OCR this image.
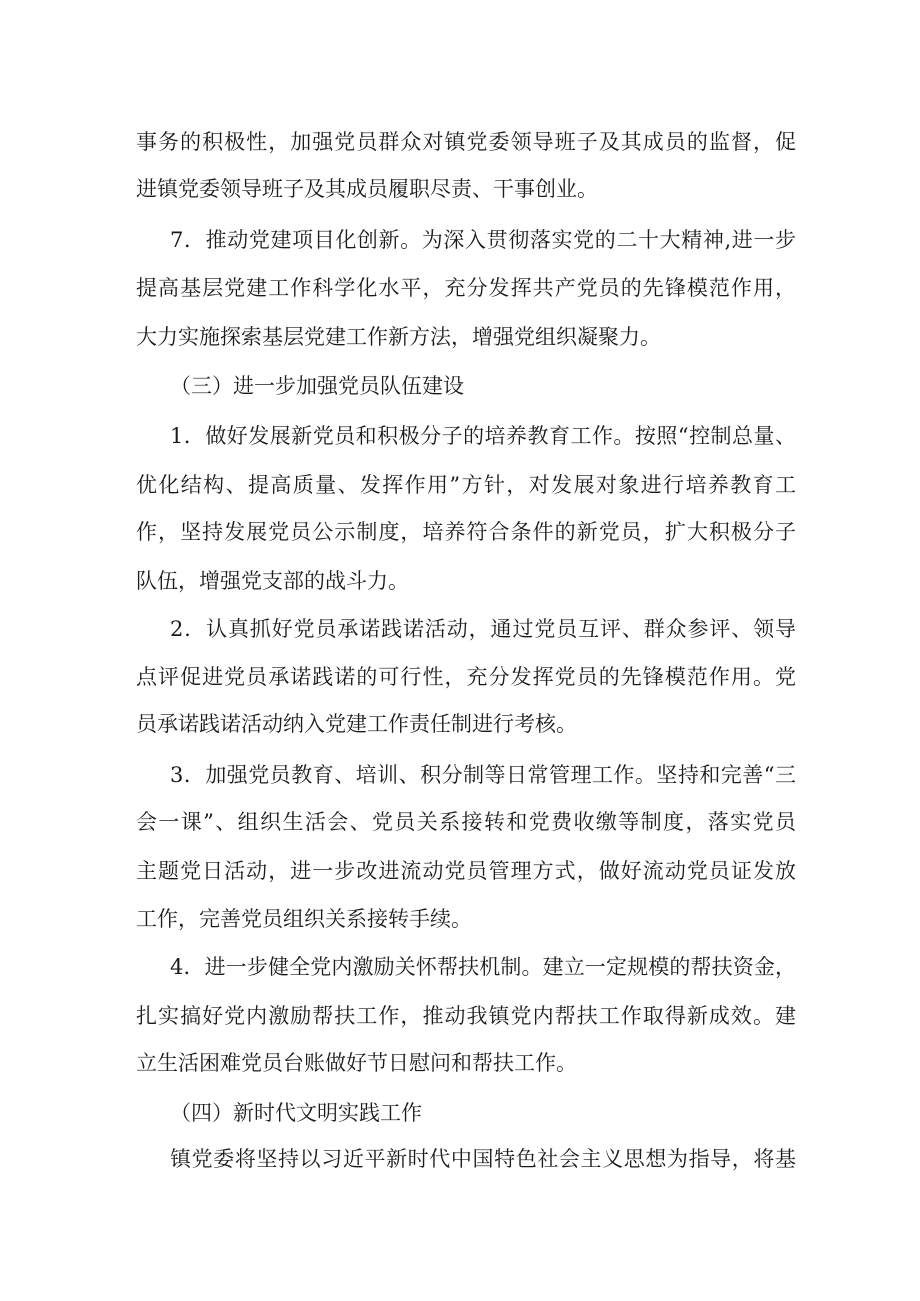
事务的积极性，加强党员群众对镇党委领导班子及其成员的监督，促
进镇党委领导班子及其成员履职尽责、干事创业。
7．推动党建项目化创新。为深入贯彻落实党的二十大精神,进一步
提高基层党建工作科学化水平，充分发挥共产党员的先锋模范作用，
大力实施探索基层党建工作新方法，增强党组织凝聚力。
（三）进一步加强党员队伍建设
1．做好发展新党员和积极分子的培养教育工作。按照“控制总量、
优化结构、提高质量、发挥作用”方针，对发展对象进行培养教育工
作，坚持发展党员公示制度，培养符合条件的新党员，扩大积极分子
队伍，增强党支部的战斗力。
2．认真抓好党员承诺践诺活动，通过党员互评、群众参评、领导
点评促进党员承诺践诺的可行性，充分发挥党员的先锋模范作用。党
员承诺践诺活动纳入党建工作责任制进行考核。
3．加强党员教育、培训、积分制等日常管理工作。坚持和完善“三
会一课”、组织生活会、党员关系接转和党费收缴等制度，落实党员
主题党日活动，进一步改进流动党员管理方式，做好流动党员证发放
工作，完善党员组织关系接转手续。
4．进一步健全党内激励关怀帮扶机制。建立一定规模的帮扶资金，
扎实搞好党内激励帮扶工作，推动我镇党内帮扶工作取得新成效。建
立生活困难党员台账做好节日慰问和帮扶工作。
（四）新时代文明实践工作
镇党委将坚持以习近平新时代中国特色社会主义思想为指导，将基
